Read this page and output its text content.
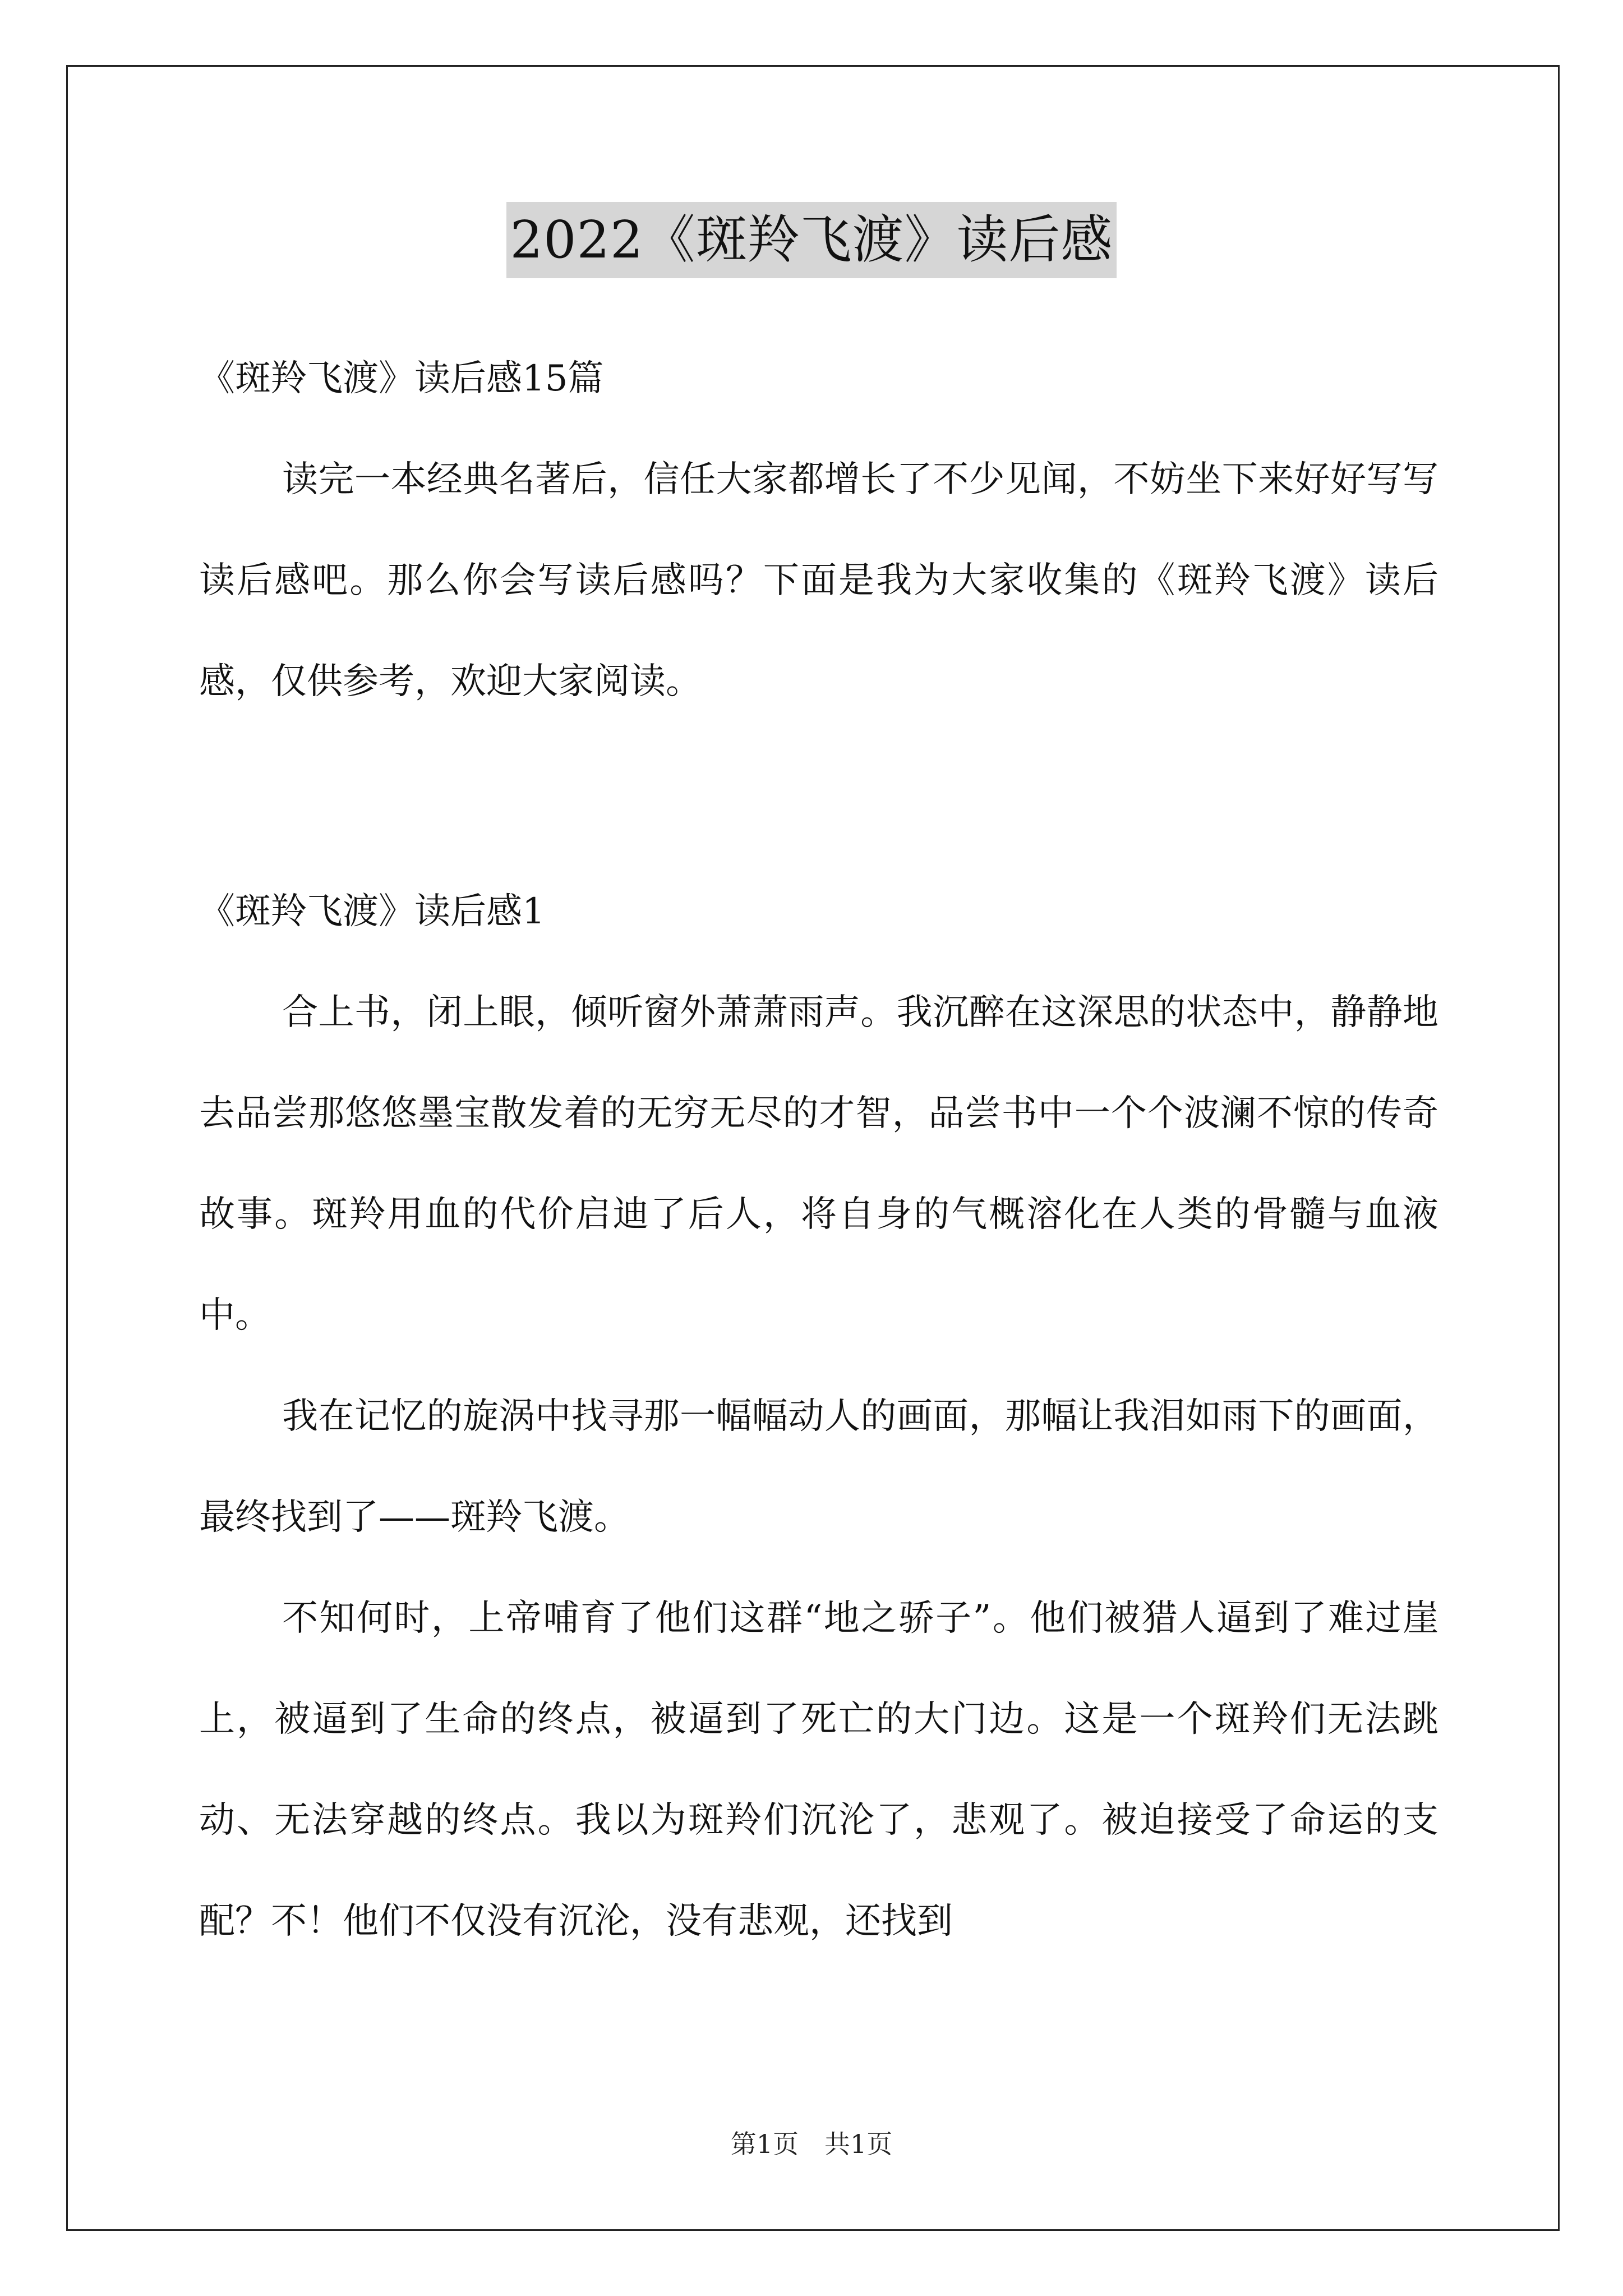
2022《斑羚飞渡》读后感

《斑羚飞渡》读后感15篇

读完一本经典名著后，信任大家都增长了不少见闻，不妨坐下来好好写写读后感吧。那么你会写读后感吗？下面是我为大家收集的《斑羚飞渡》读后感，仅供参考，欢迎大家阅读。

《斑羚飞渡》读后感1

合上书，闭上眼，倾听窗外萧萧雨声。我沉醉在这深思的状态中，静静地去品尝那悠悠墨宝散发着的无穷无尽的才智，品尝书中一个个波澜不惊的传奇故事。斑羚用血的代价启迪了后人，将自身的气概溶化在人类的骨髓与血液中。

我在记忆的旋涡中找寻那一幅幅动人的画面，那幅让我泪如雨下的画面，最终找到了——斑羚飞渡。

不知何时，上帝哺育了他们这群“地之骄子”。他们被猎人逼到了难过崖上，被逼到了生命的终点，被逼到了死亡的大门边。这是一个斑羚们无法跳动、无法穿越的终点。我以为斑羚们沉沦了，悲观了。被迫接受了命运的支配？不！他们不仅没有沉沦，没有悲观，还找到

第1页　共1页
